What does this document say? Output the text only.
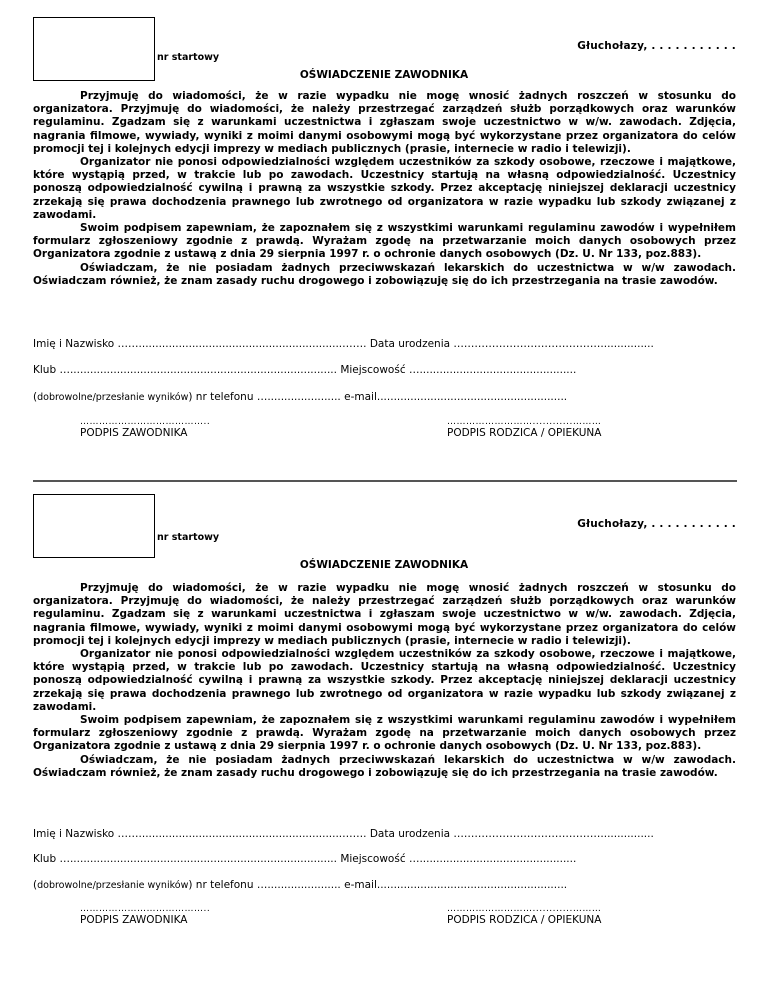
nr startowy
Głuchołazy, . . . . . . . . . . .
OŚWIADCZENIE ZAWODNIKA

Przyjmuję do wiadomości, że w razie wypadku nie mogę wnosić żadnych roszczeń w stosunku do organizatora. Przyjmuję do wiadomości, że należy przestrzegać zarządzeń służb porządkowych oraz warunków regulaminu. Zgadzam się z warunkami uczestnictwa i zgłaszam swoje uczestnictwo w w/w. zawodach. Zdjęcia, nagrania filmowe, wywiady, wyniki z moimi danymi osobowymi mogą być wykorzystane przez organizatora do celów promocji tej i kolejnych edycji imprezy w mediach publicznych (prasie, internecie w radio i telewizji).

Organizator nie ponosi odpowiedzialności względem uczestników za szkody osobowe, rzeczowe i majątkowe, które wystąpią przed, w trakcie lub po zawodach. Uczestnicy startują na własną odpowiedzialność. Uczestnicy ponoszą odpowiedzialność cywilną i prawną za wszystkie szkody. Przez akceptację niniejszej deklaracji uczestnicy zrzekają się prawa dochodzenia prawnego lub zwrotnego od organizatora w razie wypadku lub szkody związanej z zawodami.

Swoim podpisem zapewniam, że zapoznałem się z wszystkimi warunkami regulaminu zawodów i wypełniłem formularz zgłoszeniowy zgodnie z prawdą. Wyrażam zgodę na przetwarzanie moich danych osobowych przez Organizatora zgodnie z ustawą z dnia 29 sierpnia 1997 r. o ochronie danych osobowych (Dz. U. Nr 133, poz.883).

Oświadczam, że nie posiadam żadnych przeciwwskazań lekarskich do uczestnictwa w w/w zawodach. Oświadczam również, że znam zasady ruchu drogowego i zobowiązuję się do ich przestrzegania na trasie zawodów.

Imię i Nazwisko …….............................................................……. Data urodzenia ……………………………………................
Klub …................................................................................ Miejscowość …...............................................
(dobrowolne/przesłanie wyników) nr telefonu …...................... e-mail.........................................................
…………………………………..
PODPIS ZAWODNIKA
………………………............………
PODPIS RODZICA / OPIEKUNA
nr startowy
Głuchołazy, . . . . . . . . . . .
OŚWIADCZENIE ZAWODNIKA

Przyjmuję do wiadomości, że w razie wypadku nie mogę wnosić żadnych roszczeń w stosunku do organizatora. Przyjmuję do wiadomości, że należy przestrzegać zarządzeń służb porządkowych oraz warunków regulaminu. Zgadzam się z warunkami uczestnictwa i zgłaszam swoje uczestnictwo w w/w. zawodach. Zdjęcia, nagrania filmowe, wywiady, wyniki z moimi danymi osobowymi mogą być wykorzystane przez organizatora do celów promocji tej i kolejnych edycji imprezy w mediach publicznych (prasie, internecie w radio i telewizji).

Organizator nie ponosi odpowiedzialności względem uczestników za szkody osobowe, rzeczowe i majątkowe, które wystąpią przed, w trakcie lub po zawodach. Uczestnicy startują na własną odpowiedzialność. Uczestnicy ponoszą odpowiedzialność cywilną i prawną za wszystkie szkody. Przez akceptację niniejszej deklaracji uczestnicy zrzekają się prawa dochodzenia prawnego lub zwrotnego od organizatora w razie wypadku lub szkody związanej z zawodami.

Swoim podpisem zapewniam, że zapoznałem się z wszystkimi warunkami regulaminu zawodów i wypełniłem formularz zgłoszeniowy zgodnie z prawdą. Wyrażam zgodę na przetwarzanie moich danych osobowych przez Organizatora zgodnie z ustawą z dnia 29 sierpnia 1997 r. o ochronie danych osobowych (Dz. U. Nr 133, poz.883).

Oświadczam, że nie posiadam żadnych przeciwwskazań lekarskich do uczestnictwa w w/w zawodach. Oświadczam również, że znam zasady ruchu drogowego i zobowiązuję się do ich przestrzegania na trasie zawodów.

Imię i Nazwisko …….............................................................……. Data urodzenia ……………………………………................
Klub …................................................................................ Miejscowość …...............................................
(dobrowolne/przesłanie wyników) nr telefonu …...................... e-mail.........................................................
…………………………………..
PODPIS ZAWODNIKA
………………………............………
PODPIS RODZICA / OPIEKUNA
